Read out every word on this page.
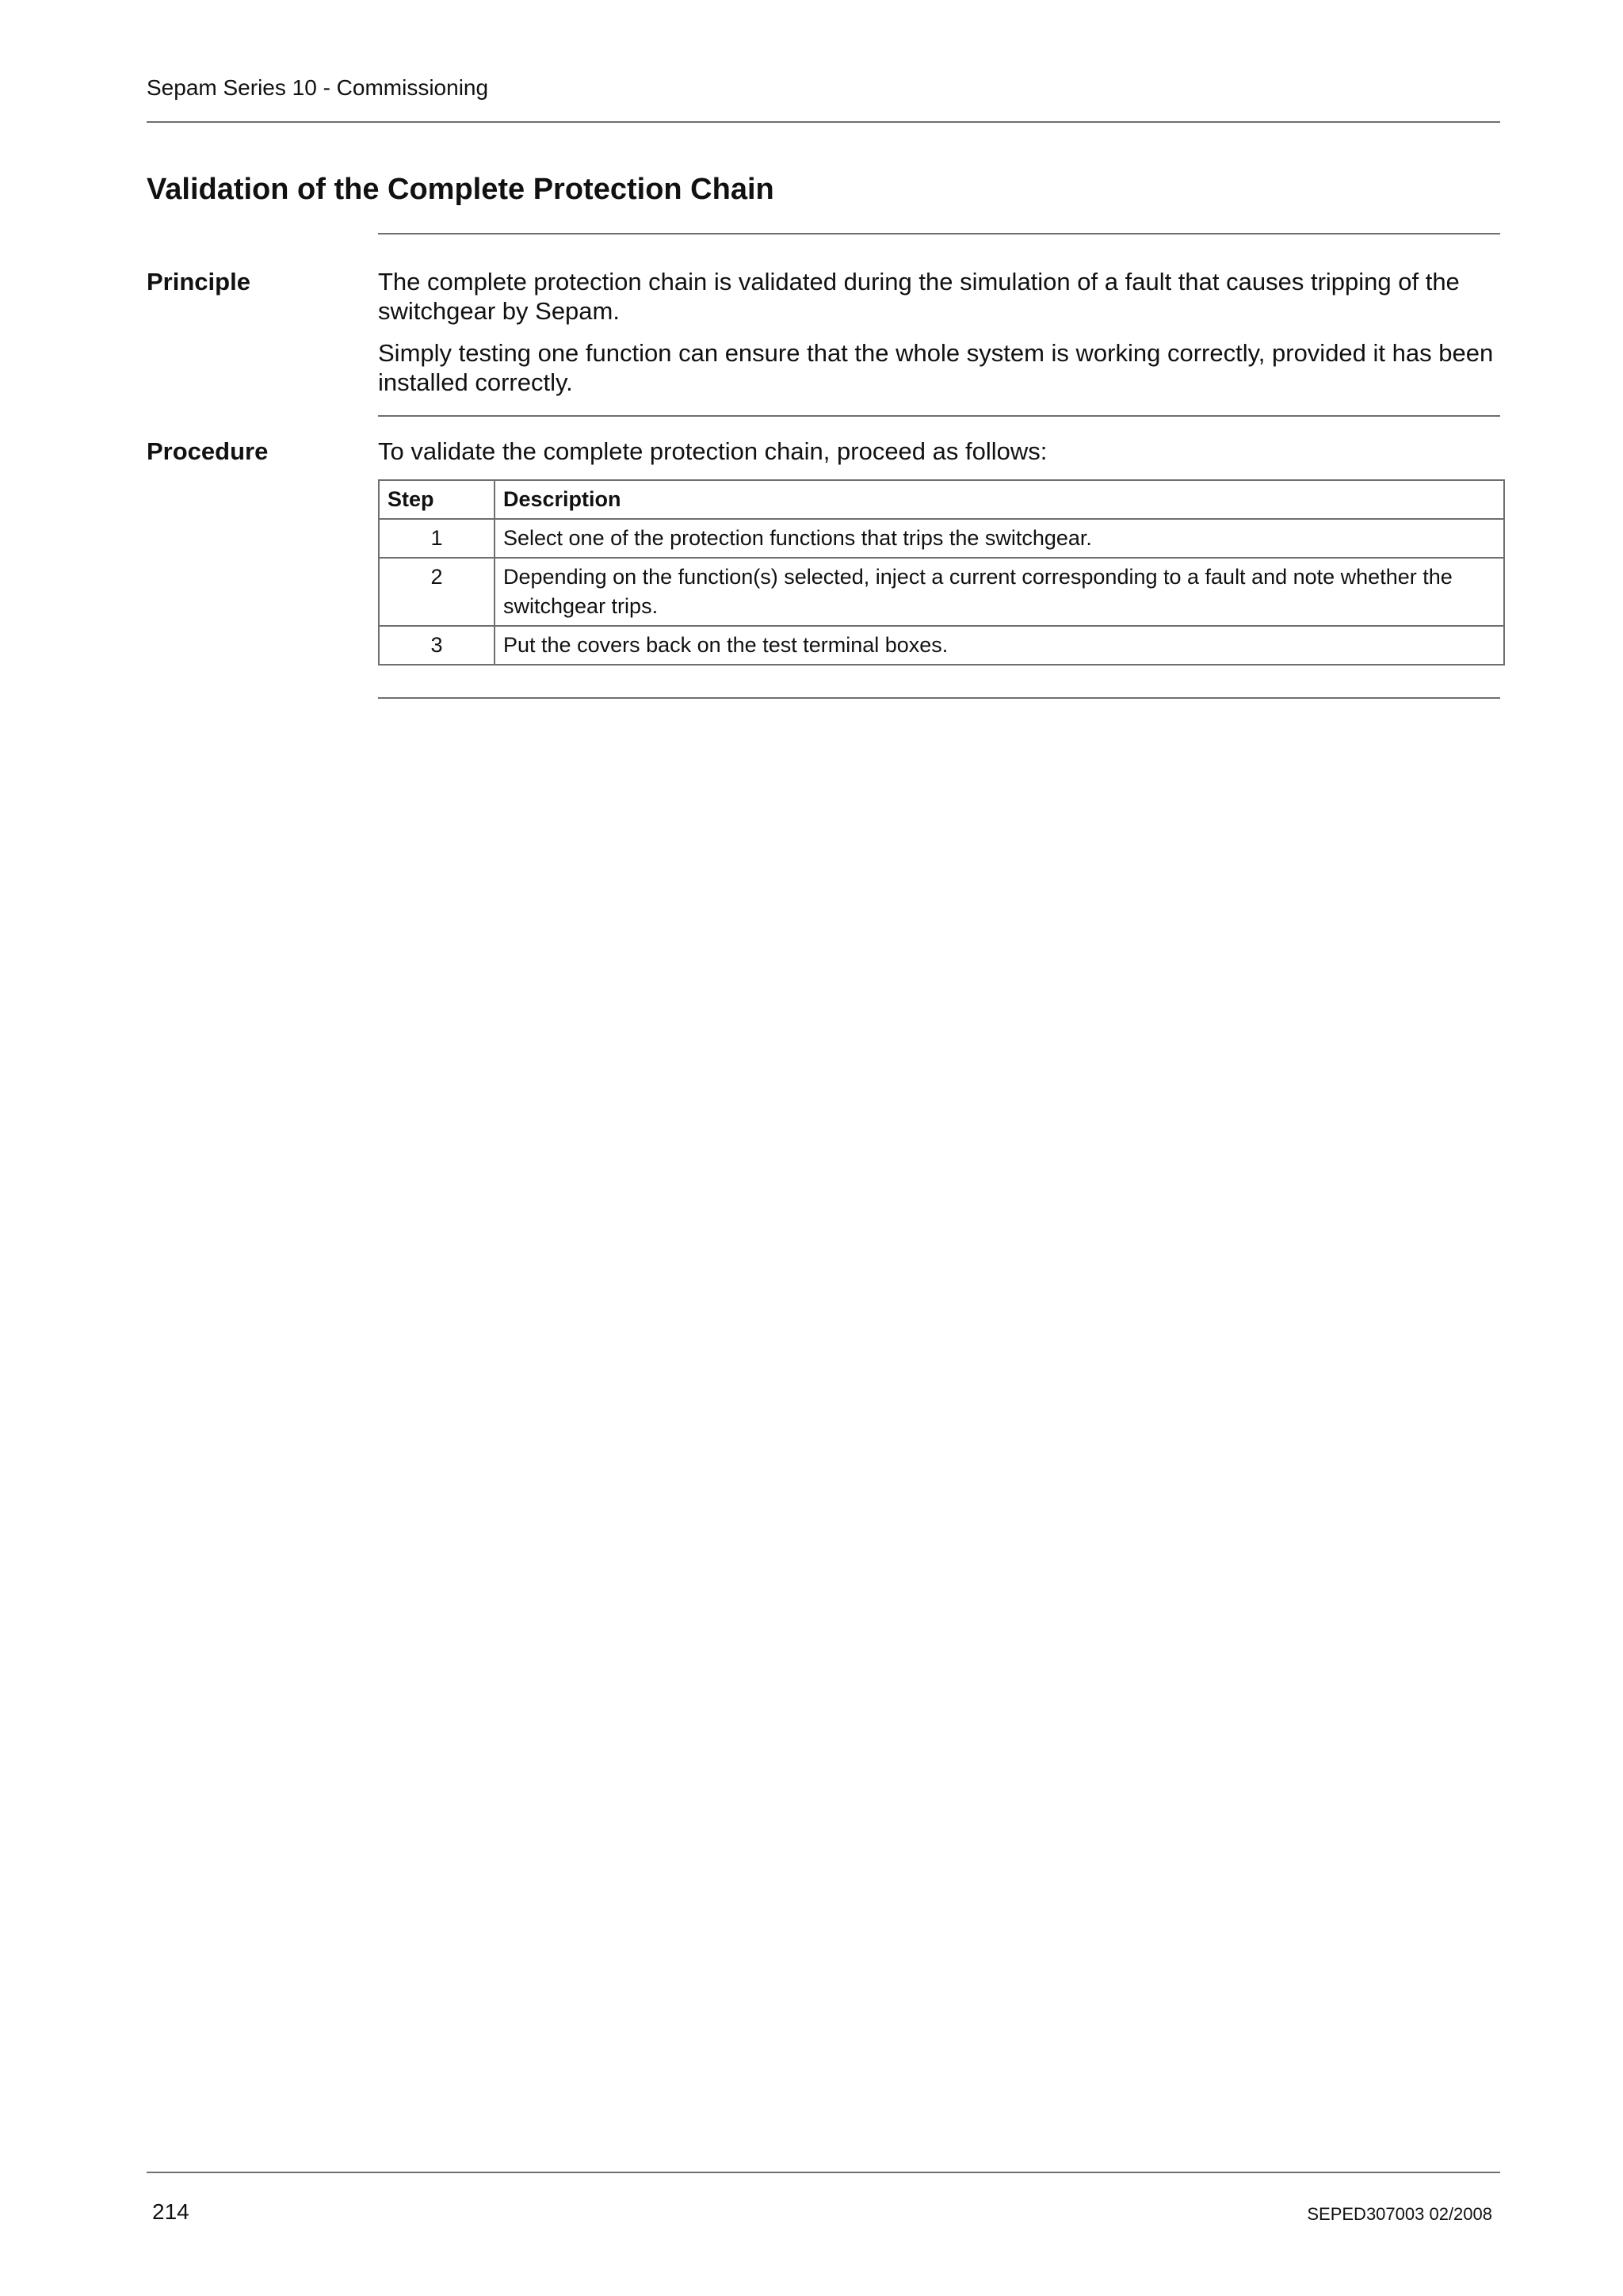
Sepam Series 10 - Commissioning
Validation of the Complete Protection Chain
Principle	The complete protection chain is validated during the simulation of a fault that causes tripping of the switchgear by Sepam.

Simply testing one function can ensure that the whole system is working correctly, provided it has been installed correctly.

Procedure	To validate the complete protection chain, proceed as follows:

Step	Description
1	Select one of the protection functions that trips the switchgear.
2	Depending on the function(s) selected, inject a current corresponding to a fault and note whether the switchgear trips.
3	Put the covers back on the test terminal boxes.
214	SEPED307003 02/2008
